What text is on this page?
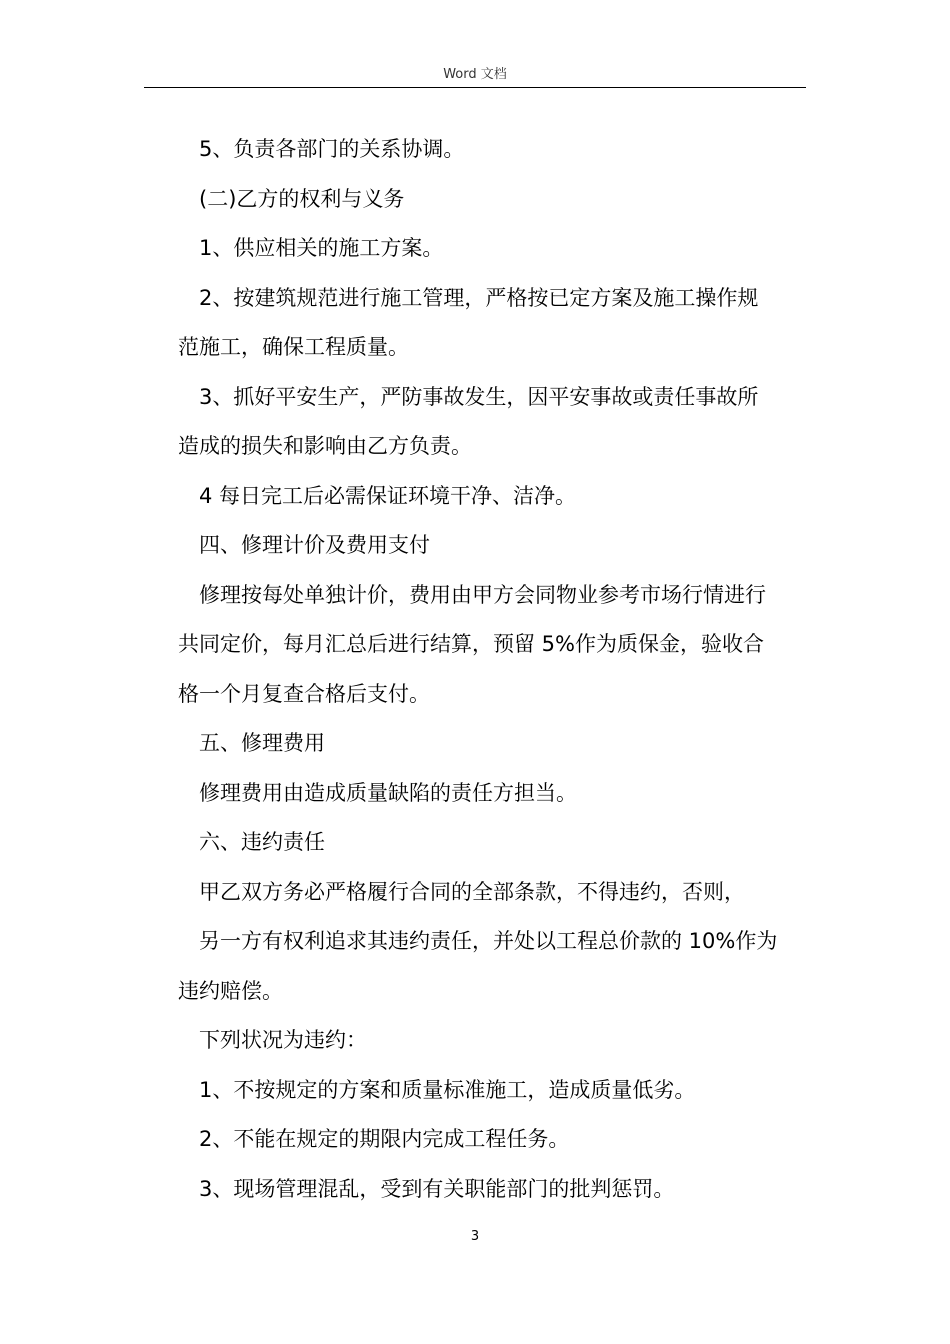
Word 文档

5、负责各部门的关系协调。

(二)乙方的权利与义务

1、供应相关的施工方案。

2、按建筑规范进行施工管理，严格按已定方案及施工操作规

范施工，确保工程质量。

3、抓好平安生产，严防事故发生，因平安事故或责任事故所

造成的损失和影响由乙方负责。

4 每日完工后必需保证环境干净、洁净。

四、修理计价及费用支付

修理按每处单独计价，费用由甲方会同物业参考市场行情进行

共同定价，每月汇总后进行结算，预留 5%作为质保金，验收合

格一个月复查合格后支付。

五、修理费用

修理费用由造成质量缺陷的责任方担当。

六、违约责任

甲乙双方务必严格履行合同的全部条款，不得违约，否则，

另一方有权利追求其违约责任，并处以工程总价款的 10%作为

违约赔偿。

下列状况为违约：

1、不按规定的方案和质量标准施工，造成质量低劣。

2、不能在规定的期限内完成工程任务。

3、现场管理混乱，受到有关职能部门的批判惩罚。

3
